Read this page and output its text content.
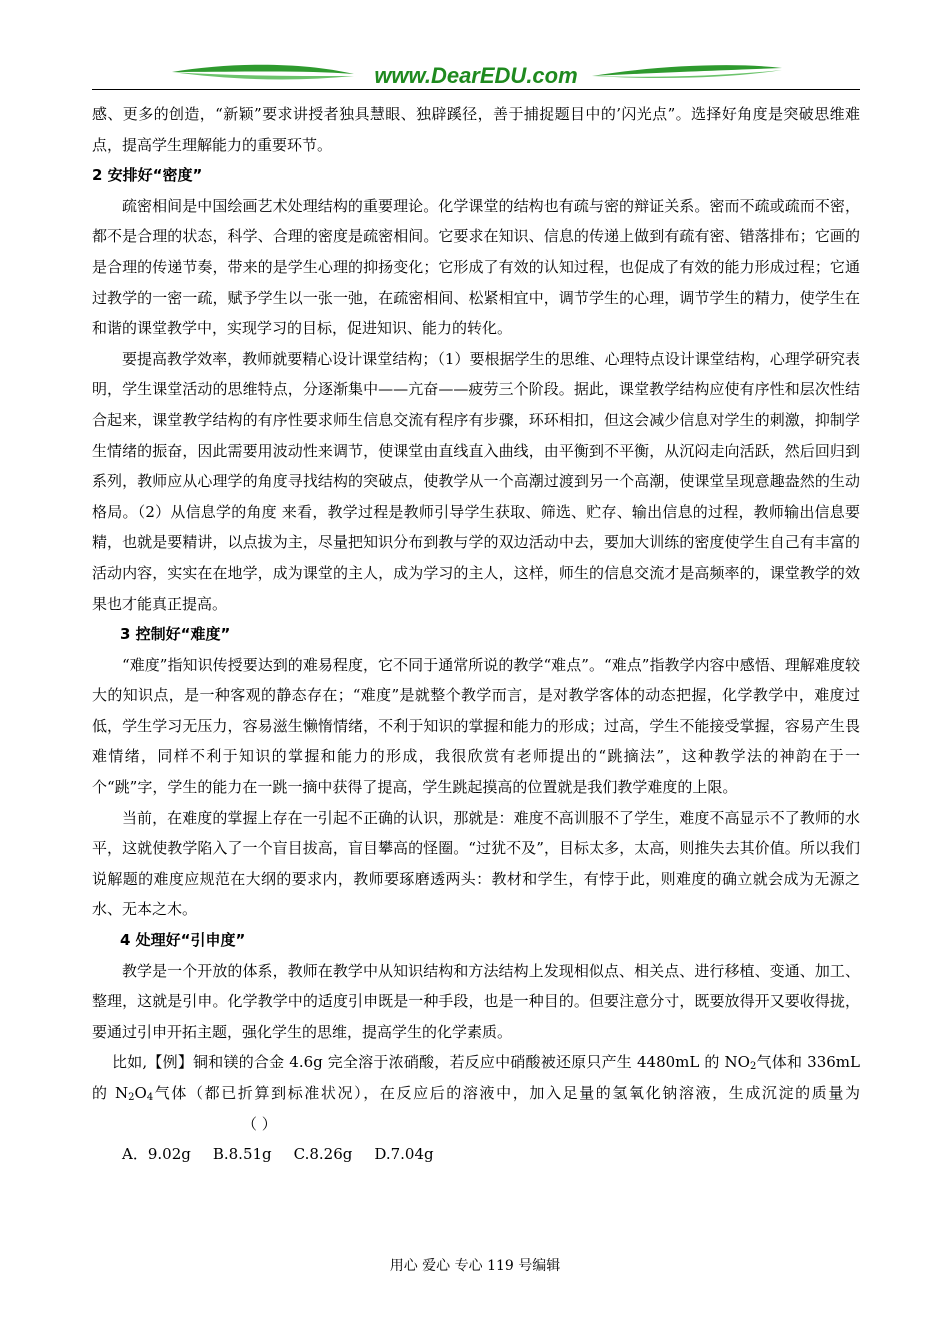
www.DearEDU.com

感、更多的创造，“新颖”要求讲授者独具慧眼、独辟蹊径，善于捕捉题目中的’闪光点”。选择好角度是突破思维难点，提高学生理解能力的重要环节。

2 安排好“密度”

疏密相间是中国绘画艺术处理结构的重要理论。化学课堂的结构也有疏与密的辩证关系。密而不疏或疏而不密，都不是合理的状态，科学、合理的密度是疏密相间。它要求在知识、信息的传递上做到有疏有密、错落排布；它画的是合理的传递节奏，带来的是学生心理的抑扬变化；它形成了有效的认知过程，也促成了有效的能力形成过程；它通过教学的一密一疏，赋予学生以一张一弛，在疏密相间、松紧相宜中，调节学生的心理，调节学生的精力，使学生在和谐的课堂教学中，实现学习的目标，促进知识、能力的转化。

要提高教学效率，教师就要精心设计课堂结构；（1）要根据学生的思维、心理特点设计课堂结构，心理学研究表明，学生课堂活动的思维特点，分逐渐集中——亢奋——疲劳三个阶段。据此，课堂教学结构应使有序性和层次性结合起来，课堂教学结构的有序性要求师生信息交流有程序有步骤，环环相扣，但这会减少信息对学生的刺激，抑制学生情绪的振奋，因此需要用波动性来调节，使课堂由直线直入曲线，由平衡到不平衡，从沉闷走向活跃，然后回归到系列，教师应从心理学的角度寻找结构的突破点，使教学从一个高潮过渡到另一个高潮，使课堂呈现意趣盎然的生动格局。（2）从信息学的角度 来看，教学过程是教师引导学生获取、筛选、贮存、输出信息的过程，教师输出信息要精，也就是要精讲，以点拔为主，尽量把知识分布到教与学的双边活动中去，要加大训练的密度使学生自己有丰富的活动内容，实实在在地学，成为课堂的主人，成为学习的主人，这样，师生的信息交流才是高频率的，课堂教学的效果也才能真正提高。

3 控制好“难度”

“难度”指知识传授要达到的难易程度，它不同于通常所说的教学“难点”。“难点”指教学内容中感悟、理解难度较大的知识点，是一种客观的静态存在；“难度”是就整个教学而言，是对教学客体的动态把握，化学教学中，难度过低，学生学习无压力，容易滋生懒惰情绪，不利于知识的掌握和能力的形成；过高，学生不能接受掌握，容易产生畏难情绪，同样不利于知识的掌握和能力的形成，我很欣赏有老师提出的“跳摘法”，这种教学法的神韵在于一个“跳”字，学生的能力在一跳一摘中获得了提高，学生跳起摸高的位置就是我们教学难度的上限。

当前，在难度的掌握上存在一引起不正确的认识，那就是：难度不高训服不了学生，难度不高显示不了教师的水平，这就使教学陷入了一个盲目拔高，盲目攀高的怪圈。“过犹不及”，目标太多，太高，则推失去其价值。所以我们说解题的难度应规范在大纲的要求内，教师要琢磨透两头：教材和学生，有悖于此，则难度的确立就会成为无源之水、无本之木。

4 处理好“引申度”

教学是一个开放的体系，教师在教学中从知识结构和方法结构上发现相似点、相关点、进行移植、变通、加工、整理，这就是引申。化学教学中的适度引申既是一种手段，也是一种目的。但要注意分寸，既要放得开又要收得拢，要通过引申开拓主题，强化学生的思维，提高学生的化学素质。

比如,【例】铜和镁的合金 4.6g 完全溶于浓硝酸，若反应中硝酸被还原只产生 4480mL 的 $NO_2$气体和 336mL 的 $N_2O_4$气体（都已折算到标准状况），在反应后的溶液中，加入足量的氢氧化钠溶液，生成沉淀的质量为（ ）

A．9.02g B.8.51g C.8.26g D.7.04g

用心 爱心 专心 119 号编辑
